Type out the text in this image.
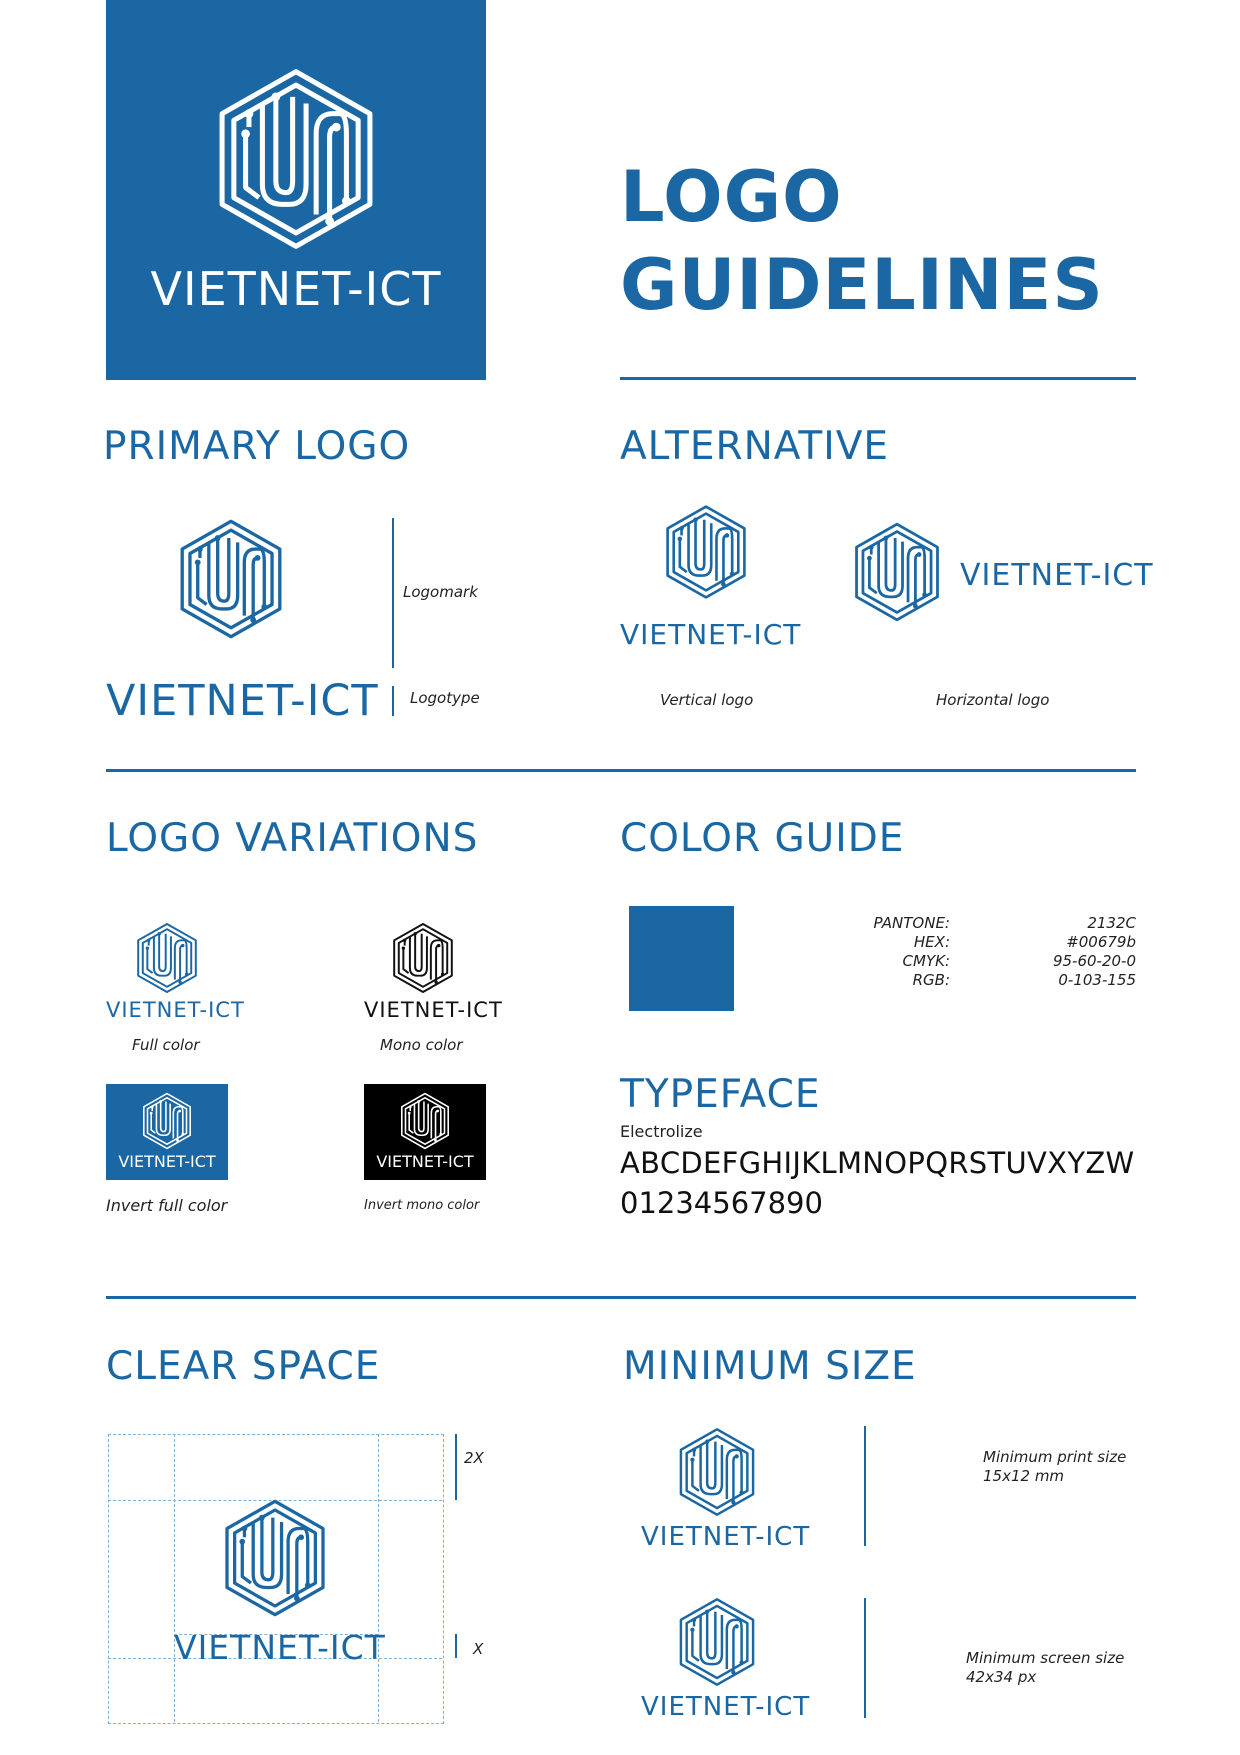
VIETNET-ICT
LOGO
GUIDELINES
PRIMARY LOGO
VIETNET-ICT
Logomark
Logotype
ALTERNATIVE
VIETNET-ICT
VIETNET-ICT
Vertical logo	Horizontal logo
LOGO VARIATIONS
VIETNET-ICT
Full color
VIETNET-ICT
Mono color
VIETNET-ICT
Invert full color
VIETNET-ICT
Invert mono color
COLOR GUIDE
PANTONE:
HEX:
CMYK:
RGB:
2132C
#00679b
95-60-20-0
0-103-155
TYPEFACE
Electrolize
ABCDEFGHIJKLMNOPQRSTUVXYZW
01234567890
CLEAR SPACE
VIETNET-ICT
2X
X
MINIMUM SIZE
VIETNET-ICT
Minimum print size
15x12 mm
VIETNET-ICT
Minimum screen size
42x34 px
